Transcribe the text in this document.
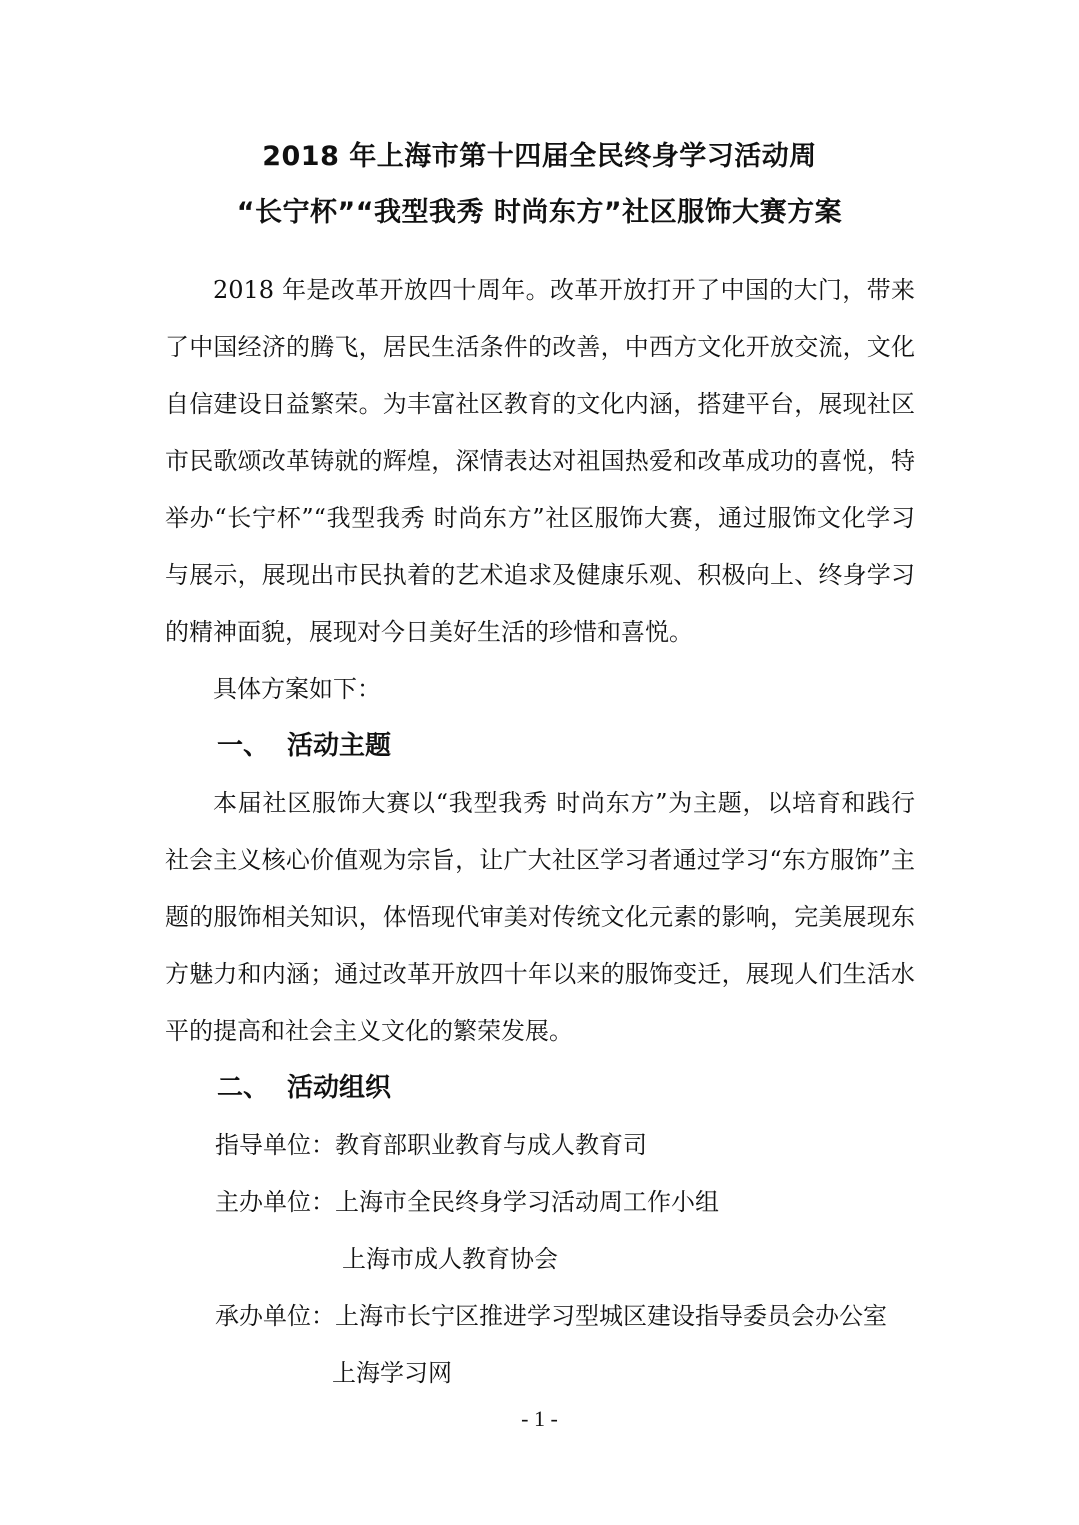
2018 年上海市第十四届全民终身学习活动周
“长宁杯”“我型我秀 时尚东方”社区服饰大赛方案

2018 年是改革开放四十周年。改革开放打开了中国的大门，带来了中国经济的腾飞，居民生活条件的改善，中西方文化开放交流，文化自信建设日益繁荣。为丰富社区教育的文化内涵，搭建平台，展现社区市民歌颂改革铸就的辉煌，深情表达对祖国热爱和改革成功的喜悦，特举办“长宁杯”“我型我秀 时尚东方”社区服饰大赛，通过服饰文化学习与展示，展现出市民执着的艺术追求及健康乐观、积极向上、终身学习的精神面貌，展现对今日美好生活的珍惜和喜悦。

具体方案如下：

一、 活动主题

本届社区服饰大赛以“我型我秀 时尚东方”为主题，以培育和践行社会主义核心价值观为宗旨，让广大社区学习者通过学习“东方服饰”主题的服饰相关知识，体悟现代审美对传统文化元素的影响，完美展现东方魅力和内涵；通过改革开放四十年以来的服饰变迁，展现人们生活水平的提高和社会主义文化的繁荣发展。

二、 活动组织

指导单位：教育部职业教育与成人教育司

主办单位：上海市全民终身学习活动周工作小组

上海市成人教育协会

承办单位：上海市长宁区推进学习型城区建设指导委员会办公室

上海学习网

- 1 -
